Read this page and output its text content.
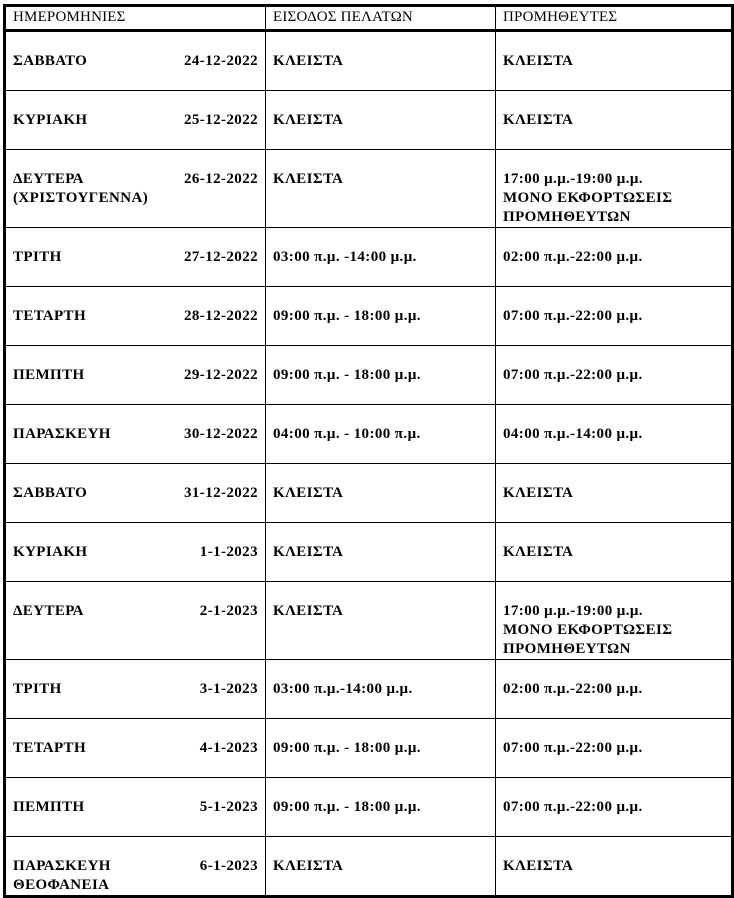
ΗΜΕΡΟΜΗΝΙΕΣ	ΕΙΣΟΔΟΣ ΠΕΛΑΤΩΝ	ΠΡΟΜΗΘΕΥΤΕΣ

ΣΑΒΒΑΤΟ 24-12-2022	ΚΛΕΙΣΤΑ	ΚΛΕΙΣΤΑ

ΚΥΡΙΑΚΗ 25-12-2022	ΚΛΕΙΣΤΑ	ΚΛΕΙΣΤΑ

ΔΕΥΤΕΡΑ
(ΧΡΙΣΤΟΥΓΕΝΝΑ)
26-12-2022	ΚΛΕΙΣΤΑ	17:00 μ.μ.-19:00 μ.μ.
ΜΟΝΟ ΕΚΦΟΡΤΩΣΕΙΣ
ΠΡΟΜΗΘΕΥΤΩΝ

ΤΡΙΤΗ 27-12-2022	03:00 π.μ. -14:00 μ.μ.	02:00 π.μ.-22:00 μ.μ.

ΤΕΤΑΡΤΗ 28-12-2022	09:00 π.μ. - 18:00 μ.μ.	07:00 π.μ.-22:00 μ.μ.

ΠΕΜΠΤΗ 29-12-2022	09:00 π.μ. - 18:00 μ.μ.	07:00 π.μ.-22:00 μ.μ.

ΠΑΡΑΣΚΕΥΗ 30-12-2022	04:00 π.μ. - 10:00 π.μ.	04:00 π.μ.-14:00 μ.μ.

ΣΑΒΒΑΤΟ 31-12-2022	ΚΛΕΙΣΤΑ	ΚΛΕΙΣΤΑ

ΚΥΡΙΑΚΗ 1-1-2023	ΚΛΕΙΣΤΑ	ΚΛΕΙΣΤΑ

ΔΕΥΤΕΡΑ 2-1-2023	ΚΛΕΙΣΤΑ	17:00 μ.μ.-19:00 μ.μ.
ΜΟΝΟ ΕΚΦΟΡΤΩΣΕΙΣ
ΠΡΟΜΗΘΕΥΤΩΝ

ΤΡΙΤΗ 3-1-2023	03:00 π.μ.-14:00 μ.μ.	02:00 π.μ.-22:00 μ.μ.

ΤΕΤΑΡΤΗ 4-1-2023	09:00 π.μ. - 18:00 μ.μ.	07:00 π.μ.-22:00 μ.μ.

ΠΕΜΠΤΗ 5-1-2023	09:00 π.μ. - 18:00 μ.μ.	07:00 π.μ.-22:00 μ.μ.

ΠΑΡΑΣΚΕΥΗ
ΘΕΟΦΑΝΕΙΑ
6-1-2023	ΚΛΕΙΣΤΑ	ΚΛΕΙΣΤΑ
